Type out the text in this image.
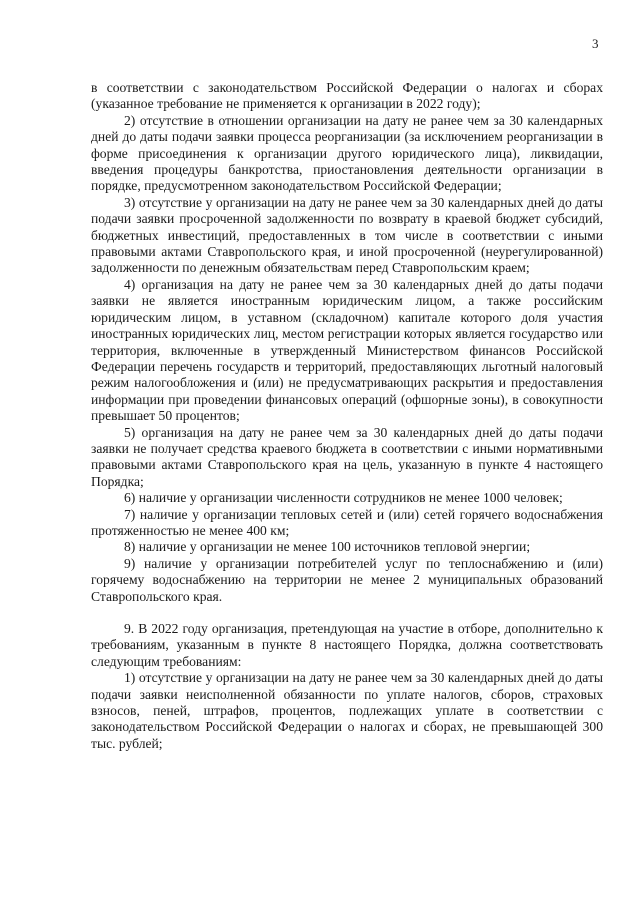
3

в соответствии с законодательством Российской Федерации о налогах и сборах (указанное требование не применяется к организации в 2022 году);

2) отсутствие в отношении организации на дату не ранее чем за 30 календарных дней до даты подачи заявки процесса реорганизации (за исключением реорганизации в форме присоединения к организации другого юридического лица), ликвидации, введения процедуры банкротства, приостановления деятельности организации в порядке, предусмотренном законодательством Российской Федерации;

3) отсутствие у организации на дату не ранее чем за 30 календарных дней до даты подачи заявки просроченной задолженности по возврату в краевой бюджет субсидий, бюджетных инвестиций, предоставленных в том числе в соответствии с иными правовыми актами Ставропольского края, и иной просроченной (неурегулированной) задолженности по денежным обязательствам перед Ставропольским краем;

4) организация на дату не ранее чем за 30 календарных дней до даты подачи заявки не является иностранным юридическим лицом, а также российским юридическим лицом, в уставном (складочном) капитале которого доля участия иностранных юридических лиц, местом регистрации которых является государство или территория, включенные в утвержденный Министерством финансов Российской Федерации перечень государств и территорий, предоставляющих льготный налоговый режим налогообложения и (или) не предусматривающих раскрытия и предоставления информации при проведении финансовых операций (офшорные зоны), в совокупности превышает 50 процентов;

5) организация на дату не ранее чем за 30 календарных дней до даты подачи заявки не получает средства краевого бюджета в соответствии с иными нормативными правовыми актами Ставропольского края на цель, указанную в пункте 4 настоящего Порядка;

6) наличие у организации численности сотрудников не менее 1000 человек;

7) наличие у организации тепловых сетей и (или) сетей горячего водоснабжения протяженностью не менее 400 км;

8) наличие у организации не менее 100 источников тепловой энергии;

9) наличие у организации потребителей услуг по теплоснабжению и (или) горячему водоснабжению на территории не менее 2 муниципальных образований Ставропольского края.

9. В 2022 году организация, претендующая на участие в отборе, дополнительно к требованиям, указанным в пункте 8 настоящего Порядка, должна соответствовать следующим требованиям:

1) отсутствие у организации на дату не ранее чем за 30 календарных дней до даты подачи заявки неисполненной обязанности по уплате налогов, сборов, страховых взносов, пеней, штрафов, процентов, подлежащих уплате в соответствии с законодательством Российской Федерации о налогах и сборах, не превышающей 300 тыс. рублей;
